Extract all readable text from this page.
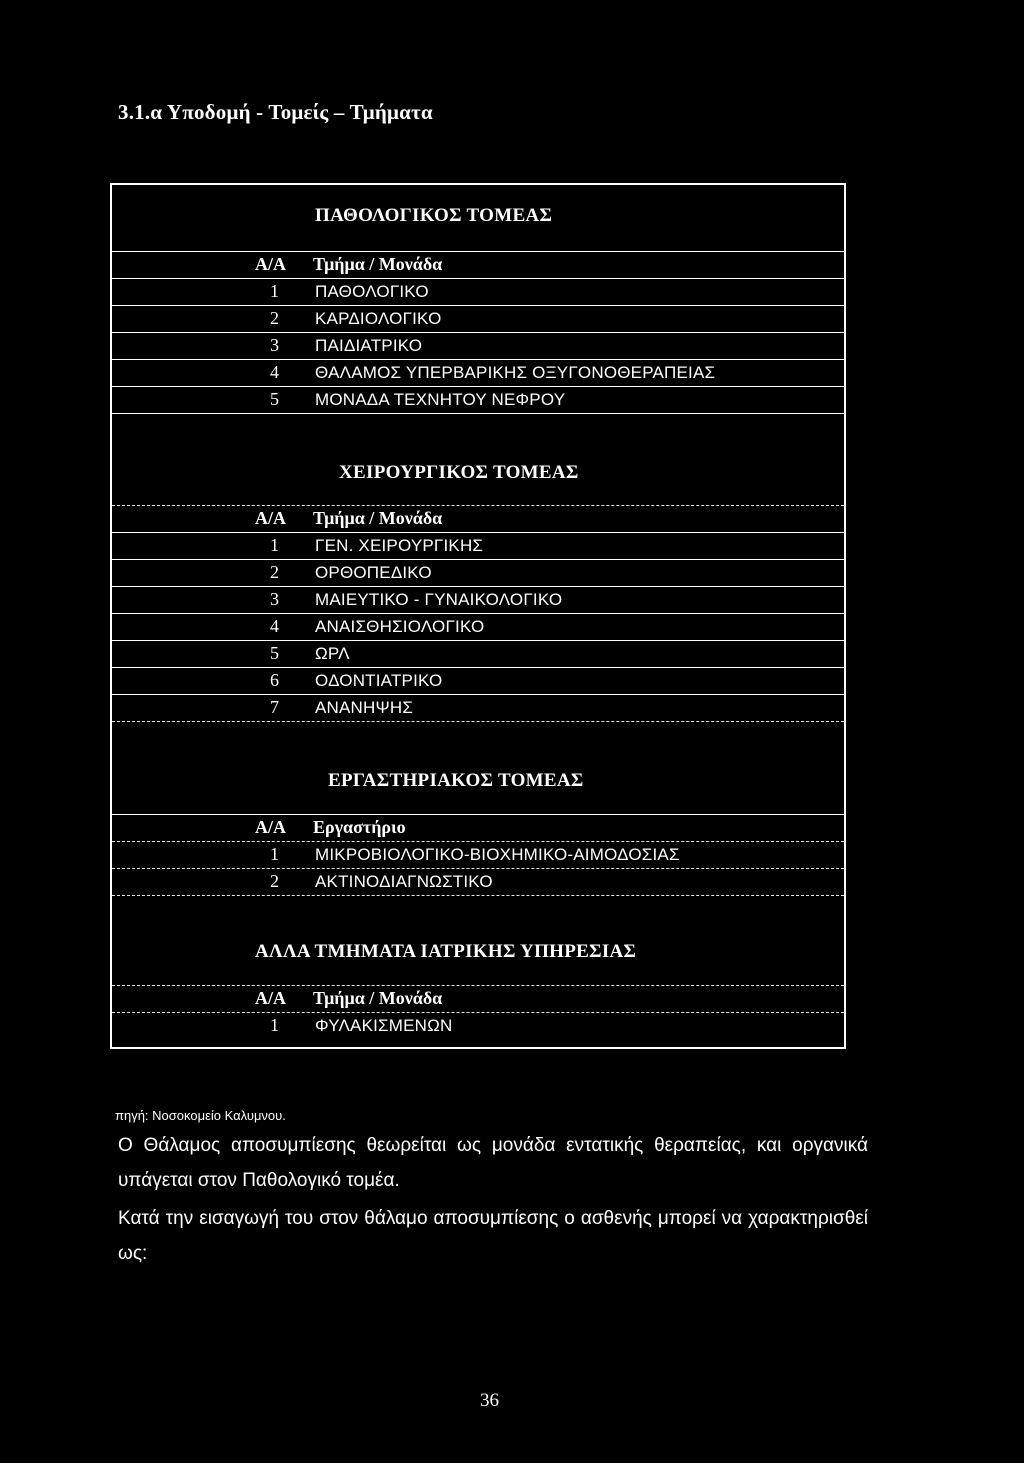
3.1.α Υποδομή - Τομείς – Τμήματα
ΠΑΘΟΛΟΓΙΚΟΣ ΤΟΜΕΑΣ
Α/Α Τμήμα / Μονάδα
1	ΠΑΘΟΛΟΓΙΚΟ
2	ΚΑΡΔΙΟΛΟΓΙΚΟ
3	ΠΑΙΔΙΑΤΡΙΚΟ
4	ΘΑΛΑΜΟΣ ΥΠΕΡΒΑΡΙΚΗΣ ΟΞΥΓΟΝΟΘΕΡΑΠΕΙΑΣ
5	ΜΟΝΑΔΑ ΤΕΧΝΗΤΟΥ ΝΕΦΡΟΥ
ΧΕΙΡΟΥΡΓΙΚΟΣ ΤΟΜΕΑΣ
Α/Α Τμήμα / Μονάδα
1	ΓΕΝ. ΧΕΙΡΟΥΡΓΙΚΗΣ
2	ΟΡΘΟΠΕΔΙΚΟ
3	ΜΑΙΕΥΤΙΚΟ - ΓΥΝΑΙΚΟΛΟΓΙΚΟ
4	ΑΝΑΙΣΘΗΣΙΟΛΟΓΙΚΟ
5	ΩΡΛ
6	ΟΔΟΝΤΙΑΤΡΙΚΟ
7	ΑΝΑΝΗΨΗΣ
ΕΡΓΑΣΤΗΡΙΑΚΟΣ ΤΟΜΕΑΣ
Α/Α Εργαστήριο
1	ΜΙΚΡΟΒΙΟΛΟΓΙΚΟ-ΒΙΟΧΗΜΙΚΟ-ΑΙΜΟΔΟΣΙΑΣ
2	ΑΚΤΙΝΟΔΙΑΓΝΩΣΤΙΚΟ
ΑΛΛΑ ΤΜΗΜΑΤΑ ΙΑΤΡΙΚΗΣ ΥΠΗΡΕΣΙΑΣ
Α/Α Τμήμα / Μονάδα
1	ΦΥΛΑΚΙΣΜΕΝΩΝ
πηγή: Νοσοκομείο Καλυμνου.

Ο Θάλαμος αποσυμπίεσης θεωρείται ως μονάδα εντατικής θεραπείας, και οργανικά υπάγεται στον Παθολογικό τομέα.

Κατά την εισαγωγή του στον θάλαμο αποσυμπίεσης ο ασθενής μπορεί να χαρακτηρισθεί ως:

36
